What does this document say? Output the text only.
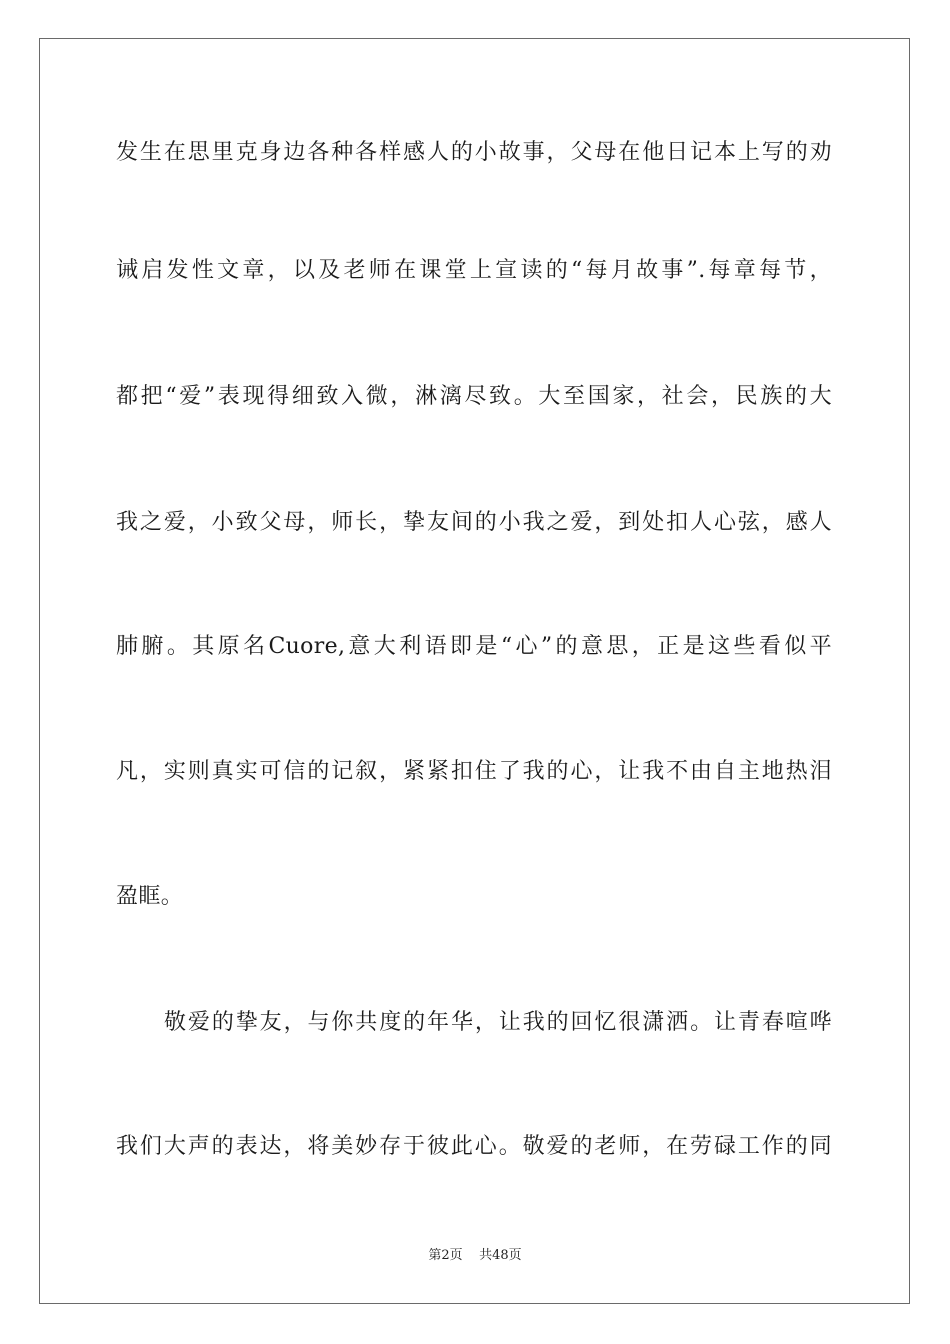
发生在思里克身边各种各样感人的小故事，父母在他日记本上写的劝
诫启发性文章，以及老师在课堂上宣读的“每月故事”.每章每节，
都把“爱”表现得细致入微，淋漓尽致。大至国家，社会，民族的大
我之爱，小致父母，师长，挚友间的小我之爱，到处扣人心弦，感人
肺腑。其原名Cuore,意大利语即是“心”的意思，正是这些看似平
凡，实则真实可信的记叙，紧紧扣住了我的心，让我不由自主地热泪
盈眶。
敬爱的挚友，与你共度的年华，让我的回忆很潇洒。让青春喧哗
我们大声的表达，将美妙存于彼此心。敬爱的老师，在劳碌工作的同
第2页    共48页
